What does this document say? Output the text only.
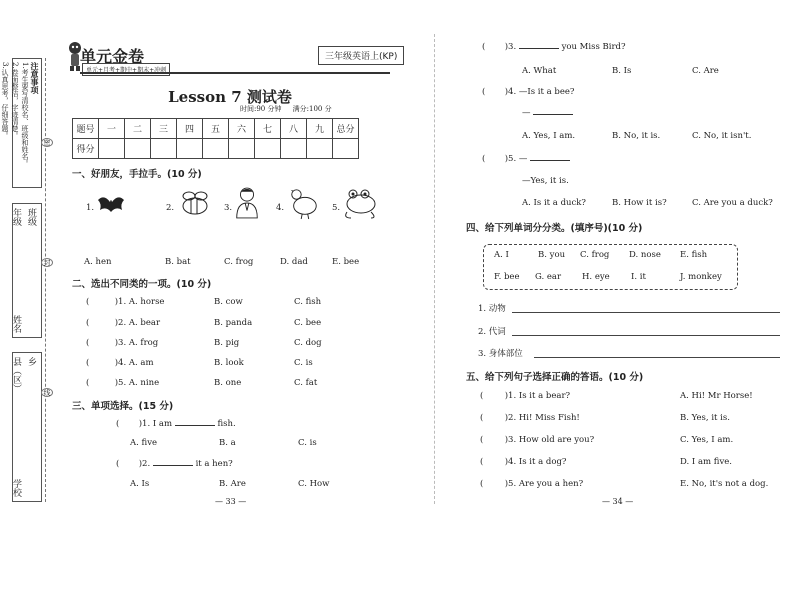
注意事项
1.考生要写清校名、班级和姓名。
2.卷面整洁，字迹清楚。
3.认真思考，仔细答题。
班级
年级
姓名
乡
县（区）
学校
密
封
线
单元金卷
单元+月考+期中+期末+冲刺
三年级英语上(KP)
Lesson 7 测试卷
时间:90 分钟 满分:100 分
题号	一	二	三	四	五	六	七	八	九	总分
得分										
一、好朋友，手拉手。(10 分)
1.	2.	3.	4.	5.
A. hen	B. bat	C. frog	D. dad	E. bee
二、选出不同类的一项。(10 分)
(	)1. A. horse	B. cow	C. fish
(	)2. A. bear	B. panda	C. bee
(	)3. A. frog	B. pig	C. dog
(	)4. A. am	B. look	C. is
(	)5. A. nine	B. one	C. fat
三、单项选择。(15 分)
( )1. I am	fish.
A. five	B. a	C. is
( )2.	it a hen?
A. Is	B. Are	C. How
— 33 —
( )3.	you Miss Bird?
A. What	B. Is	C. Are
( )4. —Is it a bee?
—
A. Yes, I am.	B. No, it is.	C. No, it isn't.
( )5. —
—Yes, it is.
A. Is it a duck?	B. How it is?	C. Are you a duck?
四、给下列单词分分类。(填序号)(10 分)
A. I	B. you C. frog D. nose E. fish
F. bee G. ear H. eye	I. it	J. monkey
1. 动物
2. 代词
3. 身体部位
五、给下列句子选择正确的答语。(10 分)
(	)1. Is it a bear?	A. Hi! Mr Horse!
(	)2. Hi! Miss Fish!	B. Yes, it is.
(	)3. How old are you?	C. Yes, I am.
(	)4. Is it a dog?	D. I am five.
(	)5. Are you a hen?	E. No, it's not a dog.
— 34 —
